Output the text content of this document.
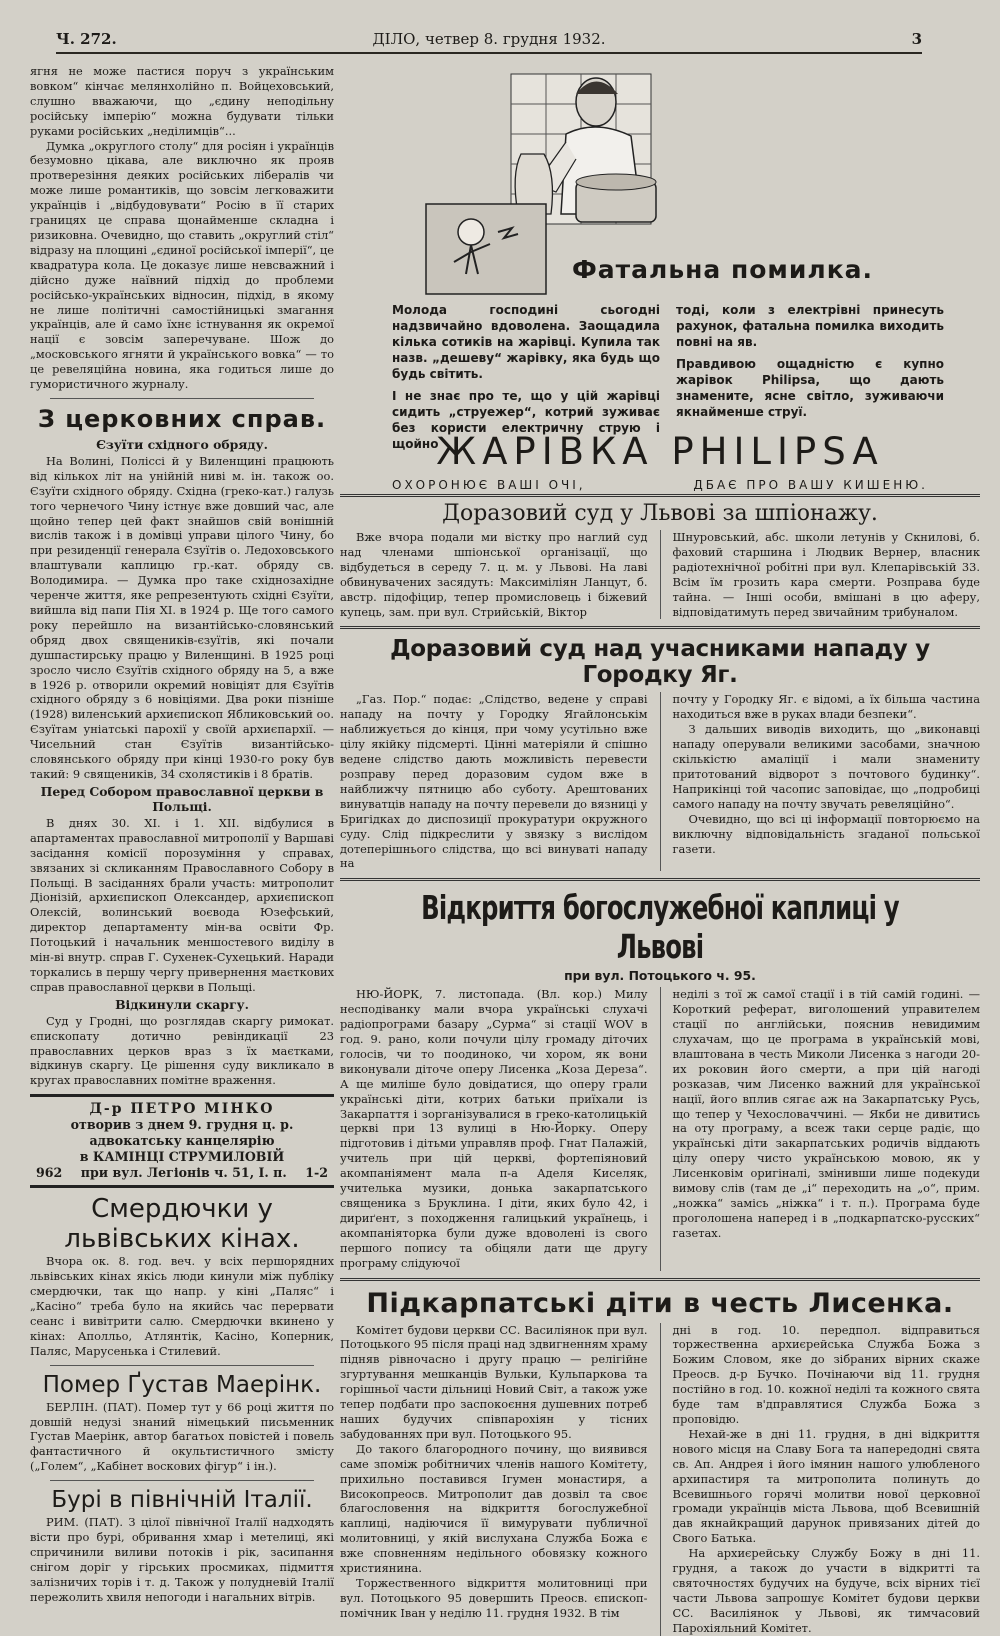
Ч. 272.	ДІЛО, четвер 8. грудня 1932.	3

ягня не може пастися поруч з українським вовком“ кінчає мелянхолійно п. Войцеховський, слушно вважаючи, що „єдину неподільну російську імперію“ можна будувати тільки руками російських „неділимців“...

Думка „округлого столу“ для росіян і українців безумовно цікава, але виключно як прояв протверезіння деяких російських лібералів чи може лише романтиків, що зовсім легковажити українців і „відбудовувати“ Росію в її старих границях це справа щонайменше складна і ризиковна. Очевидно, що ставить „округлий стіл“ відразу на площині „єдиної російської імперії“, це квадратура кола. Це доказує лише невсважний і дійсно дуже наївний підхід до проблеми російсько-українських відносин, підхід, в якому не лише політичні самостійницькі змагання українців, але й само їхнє істнування як окремої нації є зовсім заперечуване. Шож до „московського ягняти й українського вовка“ — то це ревеляційна новина, яка годиться лише до гумористичного журналу.

З церковних справ.
Єзуїти східного обряду.

На Волині, Поліссі й у Виленщині працюють від кількох літ на унійній ниві м. ін. також оо. Єзуїти східного обряду. Східна (греко-кат.) галузь того чернечого Чину істнує вже довший час, але щойно тепер цей факт знайшов свій вонішній вислів також і в домівці управи цілого Чину, бо при резиденції генерала Єзуїтів о. Ледоховського влаштували каплицю гр.-кат. обряду св. Володимира. — Думка про таке східнозахідне черенче життя, яке репрезентують східні Єзуїти, вийшла від папи Пія XI. в 1924 р. Ще того самого року перейшло на византійсько-словянський обряд двох священиків-єзуїтів, які почали душпастирську працю у Виленщині. В 1925 році зросло число Єзуїтів східного обряду на 5, а вже в 1926 р. отворили окремий новіціят для Єзуїтів східного обряду з 6 новіціями. Два роки пізніше (1928) виленський архиєпископ Ябликовський оо. Єзуїтам уніатські парохії у своїй архиєпархії. — Чисельний стан Єзуїтів византійсько-словянського обряду при кінці 1930-го року був такий: 9 священиків, 34 схолястиків і 8 братів.

Перед Собором православної церкви в Польщі.

В днях 30. XI. і 1. XII. відбулися в апартаментах православної митрополії у Варшаві засідання комісії порозуміння у справах, звязаних зі скликанням Православного Собору в Польщі. В засіданнях брали участь: митрополит Діонізій, архиєпископ Олександер, архиєпископ Олексій, волинський воєвода Юзефський, директор департаменту мін-ва освіти Фр. Потоцький і начальник меншостевого виділу в мін-ві внутр. справ Г. Сухенек-Сухецький. Наради торкались в першу чергу привернення маєткових справ православної церкви в Польщі.

Відкинули скаргу.

Суд у Гродні, що розглядав скаргу римокат. єпископату дотично ревіндикації 23 православних церков враз з їх маєтками, відкинув скаргу. Це рішення суду викликало в кругах православних помітне враження.

Д-р ПЕТРО МІНКО
отворив з днем 9. грудня ц. р.
адвокатську канцелярію
в КАМІНЦІ СТРУМИЛОВІЙ
962 при вул. Легіонів ч. 51, І. п. 1-2
Смердючки у львівських кінах.

Вчора ок. 8. год. веч. у всіх першорядних львівських кінах якісь люди кинули між публіку смердючки, так що напр. у кіні „Паляс“ і „Касіно“ треба було на якийсь час перервати сеанс і вивітрити салю. Смердючки вкинено у кінах: Аполльо, Атлянтік, Касіно, Коперник, Паляс, Марусенька і Стилевий.

Помер Ґустав Маерінк.

БЕРЛІН. (ПАТ). Помер тут у 66 році життя по довшій недузі знаний німецький письменник Густав Маерінк, автор багатьох повістей і повель фантастичного й окультистичного змісту („Голем“, „Кабінет воскових фігур“ і ін.).

Бурі в північній Італії.

РИМ. (ПАТ). З цілої північної Італії надходять вісти про бурі, обривання хмар і метелиці, які спричинили виливи потоків і рік, засипання снігом доріг у гірських просмиках, підмиття залізничих торів і т. д. Також у полудневій Італії пережолить хвиля непогоди і нагальних вітрів.

Фатальна помилка.

Молода господині сьогодні надзвичайно вдоволена. Заощадила кілька сотиків на жарівці. Купила так назв. „дешеву“ жарівку, яка будь що будь світить.

І не знає про те, що у цій жарівці сидить „струежер“, котрий зуживає без користи електричну струю і щойно

тоді, коли з електрівні принесуть рахунок, фатальна помилка виходить повні на яв.

Правдивою ощадністю є купно жарівок Philipsa, що дають знамените, ясне світло, зуживаючи якнайменше струї.

ЖАРІВКА PHILIPSA
ОХОРОНЮЄ ВАШІ ОЧІ,	ДБАЄ ПРО ВАШУ КИШЕНЮ.
Доразовий суд у Львові за шпіонажу.

Вже вчора подали ми вістку про наглий суд над членами шпіонської організації, що відбудеться в середу 7. ц. м. у Львові. На лаві обвинувачених засядуть: Максиміліян Ланцут, б. австр. підофіцир, тепер промисловець і біжевий купець, зам. при вул. Стрийській, Віктор

Шнуровський, абс. школи летунів у Скнилові, б. фаховий старшина і Людвик Вернер, власник радіотехнічної робітні при вул. Клепарівській 33. Всім їм грозить кара смерти. Розправа буде тайна. — Інші особи, вмішані в цю аферу, відповідатимуть перед звичайним трибуналом.

Доразовий суд над учасниками нападу у Городку Яг.

„Газ. Пор.“ подає: „Слідство, ведене у справі нападу на почту у Городку Ягайлонськім наближується до кінця, при чому усутільно вже цілу якійку підсмерті. Цінні матеріяли й спішно ведене слідство дають можливість перевести розправу перед доразовим судом вже в найближчу пятницю або суботу. Арештованих винуватців нападу на почту перевели до вязниці у Бригідках до диспозиції прокуратури окружного суду. Слід підкреслити у звязку з вислідом дотеперішнього слідства, що всі винуваті нападу на

почту у Городку Яг. є відомі, а їх більша частина находиться вже в руках влади безпеки“.

З дальших виводів виходить, що „виконавці нападу оперували великими засобами, значною скількістю амаліції і мали знамениту притотований відворот з почтового будинку“. Наприкінці той часопис заповідає, що „подробиці самого нападу на почту звучать ревеляційно“.

Очевидно, що всі ці інформації повторюємо на виключну відповідальність згаданої польської газети.

Відкриття богослужебної каплиці у Львові
при вул. Потоцького ч. 95.

НЮ-ЙОРК, 7. листопада. (Вл. кор.) Милу несподіванку мали вчора українські слухачі радіопрограми базару „Сурма“ зі стації WOV в год. 9. рано, коли почули цілу громаду діточих голосів, чи то поодиноко, чи хором, як вони виконували діточе оперу Лисенка „Коза Дереза“. А ще миліше було довідатися, що оперу грали українські діти, котрих батьки приїхали із Закарпаття і зорганізувалися в греко-католицькій церкві при 13 вулиці в Ню-Йорку. Оперу підготовив і дітьми управляв проф. Гнат Палажій, учитель при цій церкві, фортепіяновий акомпаніямент мала п-а Аделя Киселяк, учителька музики, донька закарпатського священика з Бруклина. І діти, яких було 42, і дириґент, з походження галицький українець, і акомпаніяторка були дуже вдоволені із свого першого попису та обіцяли дати ще другу програму слідуючої

неділі з тої ж самої стації і в тій самій годині. — Короткий реферат, виголошений управителем стації по англійськи, пояснив невидимим слухачам, що це програма в українській мові, влаштована в честь Миколи Лисенка з нагоди 20-их роковин його смерти, а при цій нагоді розказав, чим Лисенко важний для української нації, його вплив сягає аж на Закарпатську Русь, що тепер у Чехословаччині. — Якби не дивитись на оту програму, а всеж таки серце радіє, що українські діти закарпатських родичів віддають цілу оперу чисто українською мовою, як у Лисенковім оригіналі, змінивши лише подекуди вимову слів (там де „і“ переходить на „о“, прим. „ножка“ замісь „ніжка“ і т. п.). Програма буде проголошена наперед і в „подкарпатско-русских“ газетах.

Підкарпатські діти в честь Лисенка.

Комітет будови церкви СС. Василіянок при вул. Потоцького 95 після праці над здвигненням храму підняв рівночасно і другу працю — релігійне згуртування мешканців Вульки, Кульпаркова та горішньої части дільниці Новий Світ, а також уже тепер подбати про заспокоєння душевних потреб наших будучих співпарохіян у тісних забудованнях при вул. Потоцького 95.

До такого благородного почину, що виявився саме зпоміж робітничих членів нашого Комітету, прихильно поставився Ігумен монастиря, а Високопреосв. Митрополит дав дозвіл та своє благословення на відкриття богослужебної каплиці, надіючися її вимурувати публичної молитовниці, у якій вислухана Служба Божа є вже сповненням недільного обовязку кожного християнина.

Торжественного відкриття молитовниці при вул. Потоцького 95 довершить Преосв. єпископ-помічник Іван у неділю 11. грудня 1932. В тім

дні в год. 10. передпол. відправиться торжественна архиєрейська Служба Божа з Божим Словом, яке до зібраних вірних скаже Преосв. д-р Бучко. Почінаючи від 11. грудня постійно в год. 10. кожної неділі та кожного свята буде там в'дправлятися Служба Божа з проповідю.

Нехай-же в дні 11. грудня, в дні відкриття нового місця на Славу Бога та напередодні свята св. Ап. Андрея і його імянин нашого улюбленого архипастиря та митрополита полинуть до Всевишнього горячі молитви нової церковної громади українців міста Львова, щоб Всевишній дав якнайкращий дарунок привязаних дітей до Свого Батька.

На архиєрейську Службу Божу в дні 11. грудня, а також до участи в відкритті та святочностях будучих на будуче, всіх вірних тієї части Львова запрошує Комітет будови церкви СС. Василіянок у Львові, як тимчасовий Парохіяльний Комітет.
